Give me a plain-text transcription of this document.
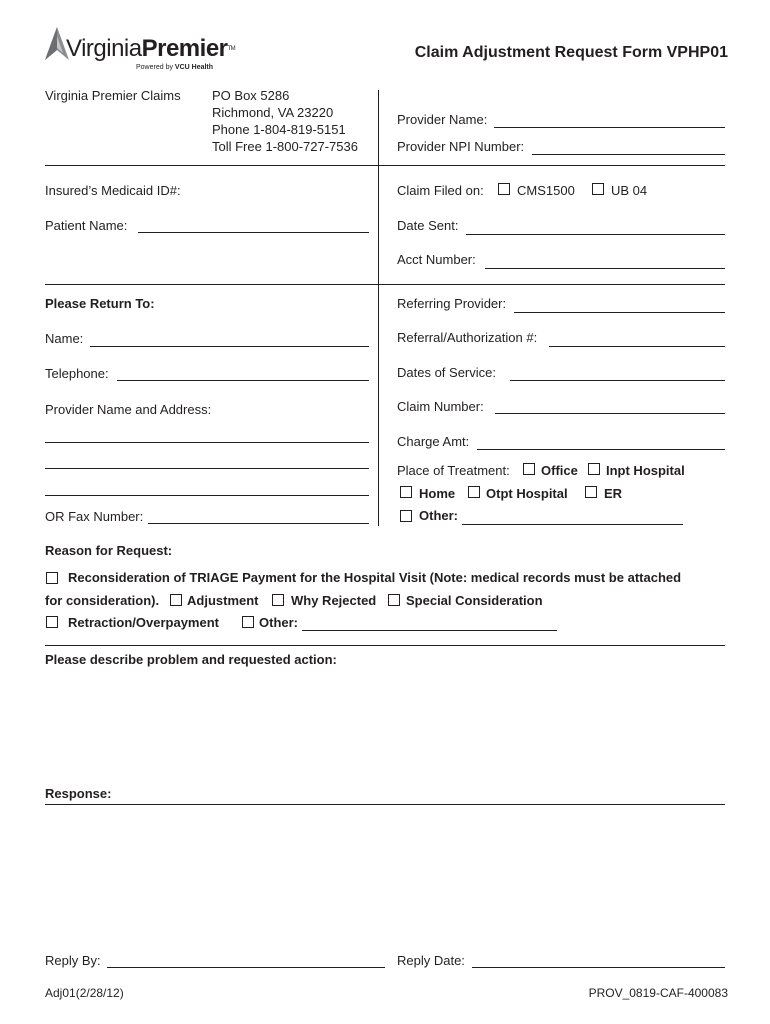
VirginiaPremierTM
Powered by VCU Health
Claim Adjustment Request Form VPHP01
Virginia Premier Claims PO Box 5286
Richmond, VA 23220
Phone 1-804-819-5151
Toll Free 1-800-727-7536
Provider Name:
Provider NPI Number:
Insured’s Medicaid ID#:
Patient Name:
Claim Filed on:	CMS1500	UB 04
Date Sent:
Acct Number:
Please Return To:
Name:
Telephone:
Provider Name and Address:
OR Fax Number:
Referring Provider:
Referral/Authorization #:
Dates of Service:
Claim Number:
Charge Amt:
Place of Treatment: Office Inpt Hospital
Home Otpt Hospital	ER
Other:
Reason for Request:
Reconsideration of TRIAGE Payment for the Hospital Visit (Note: medical records must be attached
for consideration). Adjustment	Why Rejected Special Consideration
Retraction/Overpayment	Other:
Please describe problem and requested action:
Response:
Reply By:	Reply Date:
Adj01(2/28/12)	PROV_0819-CAF-400083
